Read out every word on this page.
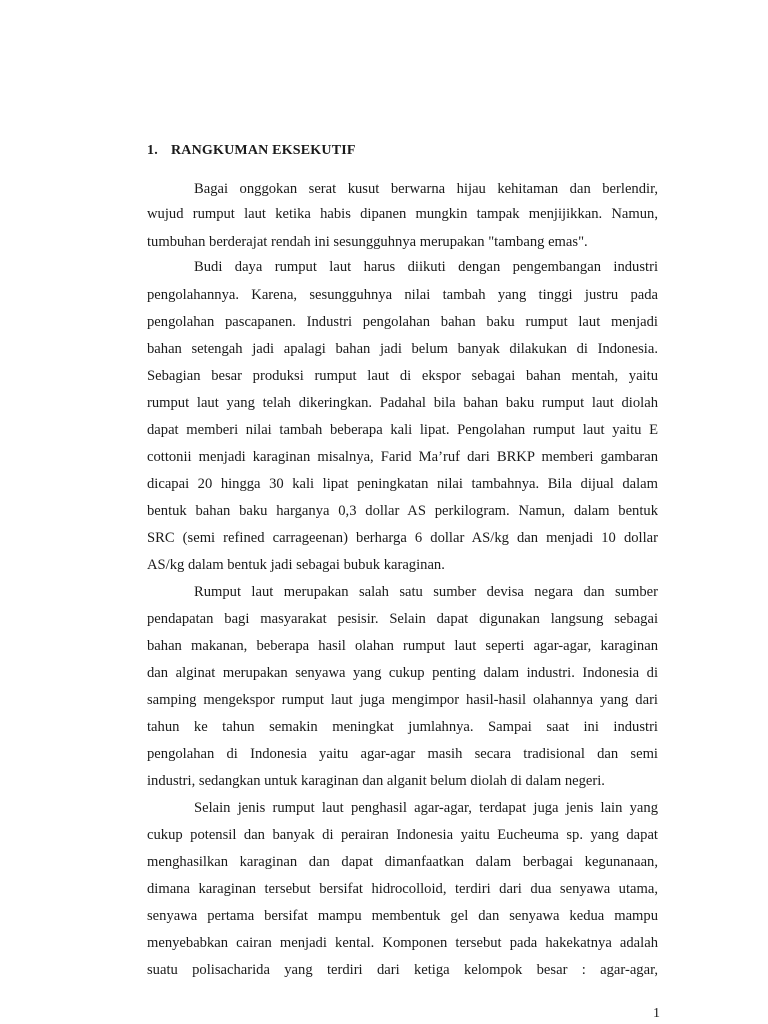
1. RANGKUMAN EKSEKUTIF
Bagai onggokan serat kusut berwarna hijau kehitaman dan berlendir,
wujud rumput laut ketika habis dipanen mungkin tampak menjijikkan. Namun,
tumbuhan berderajat rendah ini sesungguhnya merupakan "tambang emas".
Budi daya rumput laut harus diikuti dengan pengembangan industri
pengolahannya. Karena, sesungguhnya nilai tambah yang tinggi justru pada
pengolahan pascapanen. Industri pengolahan bahan baku rumput laut menjadi
bahan setengah jadi apalagi bahan jadi belum banyak dilakukan di Indonesia.
Sebagian besar produksi rumput laut di ekspor sebagai bahan mentah, yaitu
rumput laut yang telah dikeringkan. Padahal bila bahan baku rumput laut diolah
dapat memberi nilai tambah beberapa kali lipat. Pengolahan rumput laut yaitu E
cottonii menjadi karaginan misalnya, Farid Ma’ruf dari BRKP memberi gambaran
dicapai 20 hingga 30 kali lipat peningkatan nilai tambahnya. Bila dijual dalam
bentuk bahan baku harganya 0,3 dollar AS perkilogram. Namun, dalam bentuk
SRC (semi refined carrageenan) berharga 6 dollar AS/kg dan menjadi 10 dollar
AS/kg dalam bentuk jadi sebagai bubuk karaginan.
Rumput laut merupakan salah satu sumber devisa negara dan sumber
pendapatan bagi masyarakat pesisir. Selain dapat digunakan langsung sebagai
bahan makanan, beberapa hasil olahan rumput laut seperti agar-agar, karaginan
dan alginat merupakan senyawa yang cukup penting dalam industri. Indonesia di
samping mengekspor rumput laut juga mengimpor hasil-hasil olahannya yang dari
tahun ke tahun semakin meningkat jumlahnya. Sampai saat ini industri
pengolahan di Indonesia yaitu agar-agar masih secara tradisional dan semi
industri, sedangkan untuk karaginan dan alganit belum diolah di dalam negeri.
Selain jenis rumput laut penghasil agar-agar, terdapat juga jenis lain yang
cukup potensil dan banyak di perairan Indonesia yaitu Eucheuma sp. yang dapat
menghasilkan karaginan dan dapat dimanfaatkan dalam berbagai kegunanaan,
dimana karaginan tersebut bersifat hidrocolloid, terdiri dari dua senyawa utama,
senyawa pertama bersifat mampu membentuk gel dan senyawa kedua mampu
menyebabkan cairan menjadi kental. Komponen tersebut pada hakekatnya adalah
suatu polisacharida yang terdiri dari ketiga kelompok besar : agar-agar,
1
